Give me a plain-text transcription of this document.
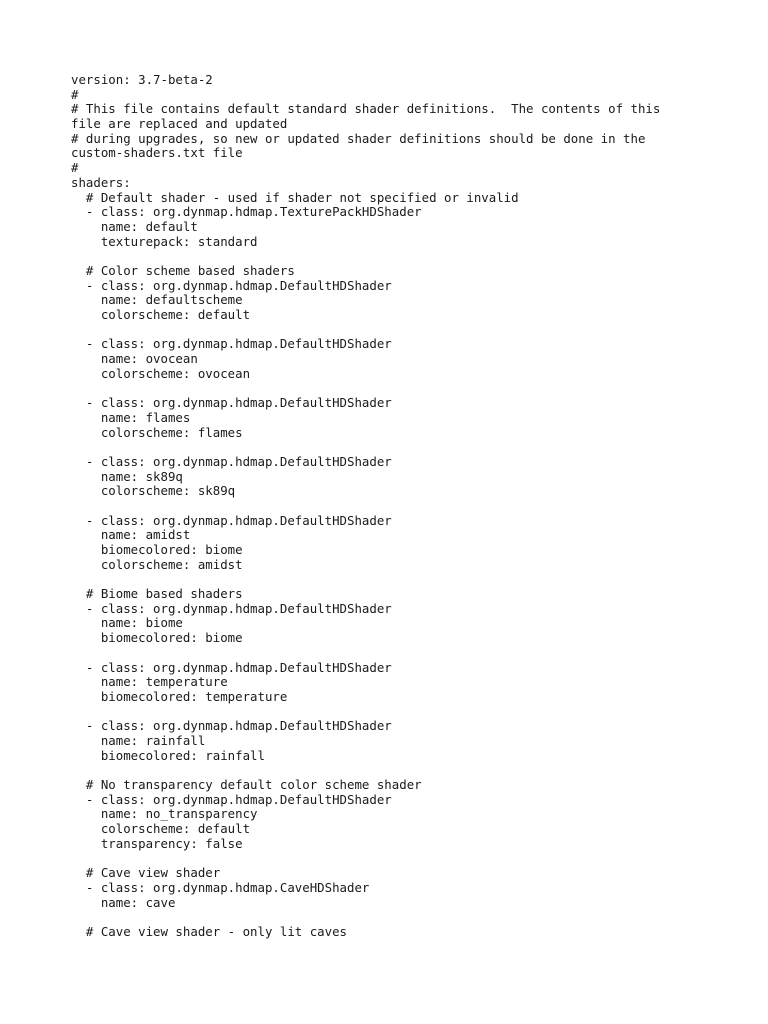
version: 3.7-beta-2
#
# This file contains default standard shader definitions.  The contents of this
file are replaced and updated
# during upgrades, so new or updated shader definitions should be done in the
custom-shaders.txt file
#
shaders:
# Default shader - used if shader not specified or invalid
- class: org.dynmap.hdmap.TexturePackHDShader
name: default
texturepack: standard
# Color scheme based shaders
- class: org.dynmap.hdmap.DefaultHDShader
name: defaultscheme
colorscheme: default
- class: org.dynmap.hdmap.DefaultHDShader
name: ovocean
colorscheme: ovocean
- class: org.dynmap.hdmap.DefaultHDShader
name: flames
colorscheme: flames
- class: org.dynmap.hdmap.DefaultHDShader
name: sk89q
colorscheme: sk89q
- class: org.dynmap.hdmap.DefaultHDShader
name: amidst
biomecolored: biome
colorscheme: amidst
# Biome based shaders
- class: org.dynmap.hdmap.DefaultHDShader
name: biome
biomecolored: biome
- class: org.dynmap.hdmap.DefaultHDShader
name: temperature
biomecolored: temperature
- class: org.dynmap.hdmap.DefaultHDShader
name: rainfall
biomecolored: rainfall
# No transparency default color scheme shader
- class: org.dynmap.hdmap.DefaultHDShader
name: no_transparency
colorscheme: default
transparency: false
# Cave view shader
- class: org.dynmap.hdmap.CaveHDShader
name: cave
# Cave view shader - only lit caves
